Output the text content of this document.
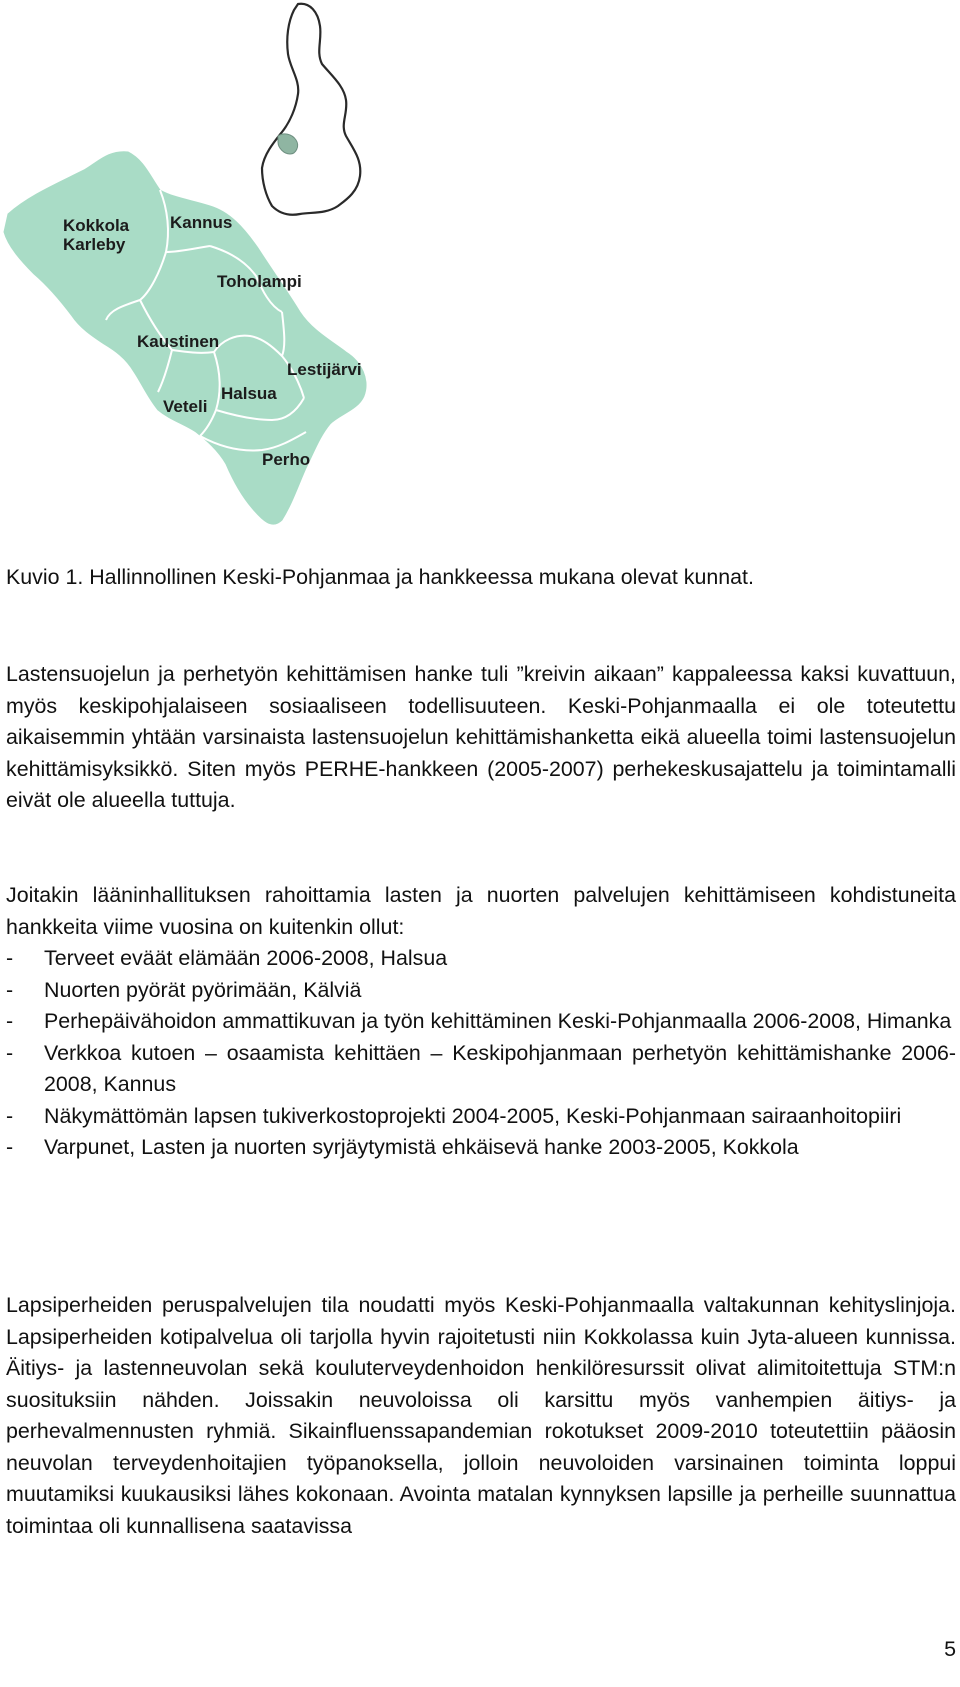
Kokkola
Karleby
Kannus
Toholampi
Kaustinen
Lestijärvi
Halsua
Veteli
Perho
Kuvio 1. Hallinnollinen Keski-Pohjanmaa ja hankkeessa mukana olevat kunnat.
Lastensuojelun ja perhetyön kehittämisen hanke tuli ”kreivin aikaan” kappaleessa kaksi kuvattuun, myös keskipohjalaiseen sosiaaliseen todellisuuteen. Keski-Pohjanmaalla ei ole toteutettu aikaisemmin yhtään varsinaista lastensuojelun kehittämishanketta eikä alueella toimi lastensuojelun kehittämisyksikkö. Siten myös PERHE-hankkeen (2005-2007) perhekeskusajattelu ja toimintamalli eivät ole alueella tuttuja.
Joitakin lääninhallituksen rahoittamia lasten ja nuorten palvelujen kehittämiseen kohdistuneita hankkeita viime vuosina on kuitenkin ollut:
- Terveet eväät elämään 2006-2008, Halsua
- Nuorten pyörät pyörimään, Kälviä
- Perhepäivähoidon ammattikuvan ja työn kehittäminen Keski-Pohjanmaalla 2006-2008, Himanka
- Verkkoa kutoen – osaamista kehittäen – Keskipohjanmaan perhetyön kehittämishanke 2006-2008, Kannus
- Näkymättömän lapsen tukiverkostoprojekti 2004-2005, Keski-Pohjanmaan sairaanhoitopiiri
- Varpunet, Lasten ja nuorten syrjäytymistä ehkäisevä hanke 2003-2005, Kokkola
Lapsiperheiden peruspalvelujen tila noudatti myös Keski-Pohjanmaalla valtakunnan kehityslinjoja. Lapsiperheiden kotipalvelua oli tarjolla hyvin rajoitetusti niin Kokkolassa kuin Jyta-alueen kunnissa. Äitiys- ja lastenneuvolan sekä kouluterveydenhoidon henkilöresurssit olivat alimitoitettuja STM:n suosituksiin nähden. Joissakin neuvoloissa oli karsittu myös vanhempien äitiys- ja perhevalmennusten ryhmiä. Sikainfluenssapandemian rokotukset 2009-2010 toteutettiin pääosin neuvolan terveydenhoitajien työpanoksella, jolloin neuvoloiden varsinainen toiminta loppui muutamiksi kuukausiksi lähes kokonaan. Avointa matalan kynnyksen lapsille ja perheille suunnattua toimintaa oli kunnallisena saatavissa
5
